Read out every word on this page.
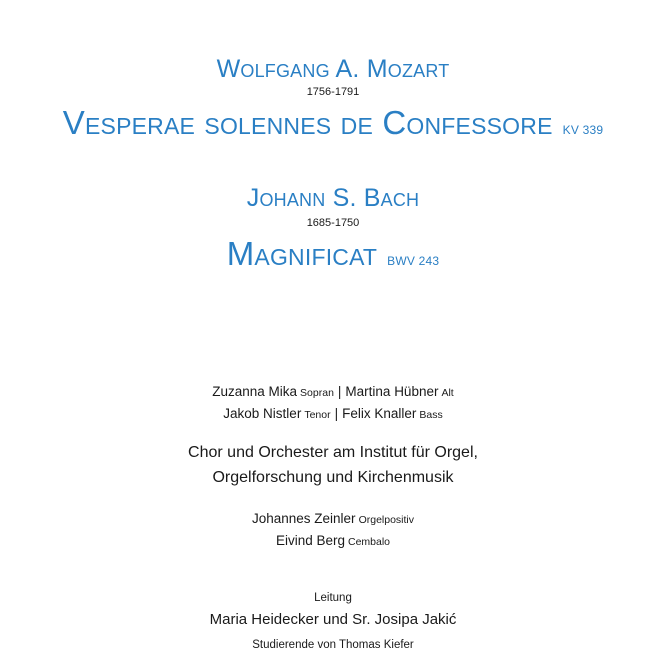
Wolfgang A. Mozart
1756-1791
Vesperae solennes de Confessore KV 339
Johann S. Bach
1685-1750
Magnificat BWV 243
Zuzanna Mika Sopran | Martina Hübner Alt
Jakob Nistler Tenor | Felix Knaller Bass
Chor und Orchester am Institut für Orgel,
Orgelforschung und Kirchenmusik
Johannes Zeinler Orgelpositiv
Eivind Berg Cembalo
Leitung
Maria Heidecker und Sr. Josipa Jakić
Studierende von Thomas Kiefer
